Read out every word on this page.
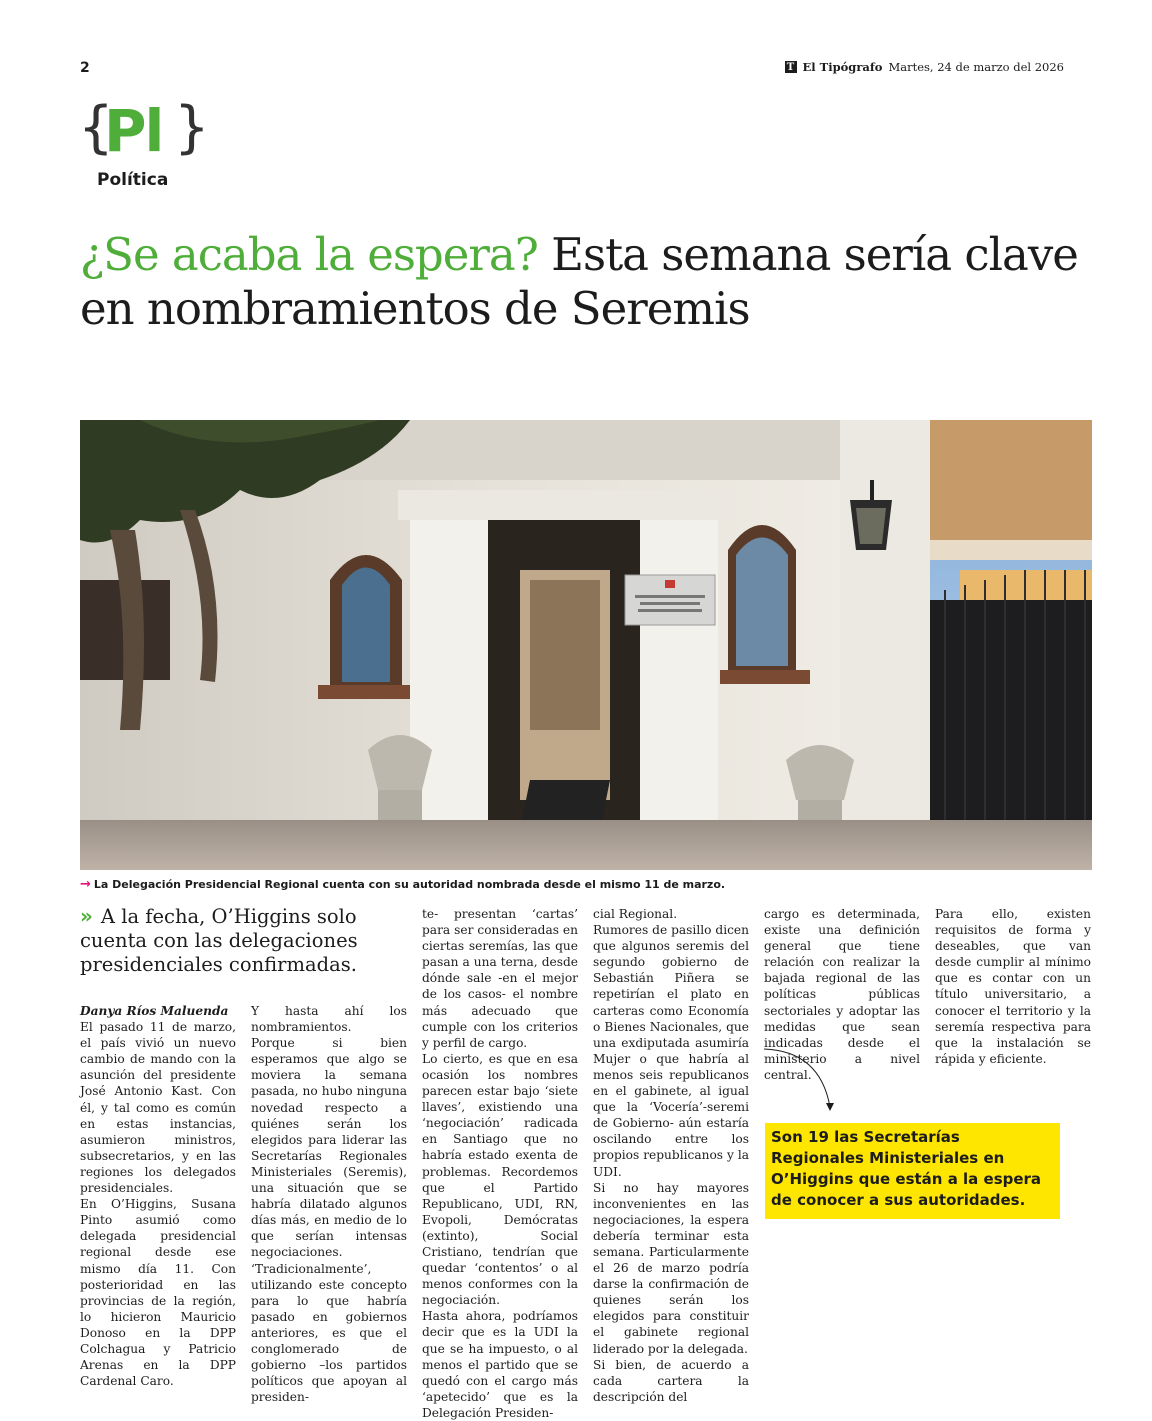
2	T El Tipógrafo Martes, 24 de marzo del 2026
{
Pl }
Política
¿Se acaba la espera? Esta semana sería clave en nombramientos de Seremis
→ La Delegación Presidencial Regional cuenta con su autoridad nombrada desde el mismo 11 de marzo.
» A la fecha, O’Higgins solo cuenta con las delegaciones presidenciales confirmadas.

Danya Ríos Maluenda

El pasado 11 de marzo, el país vivió un nuevo cambio de mando con la asunción del presidente José Antonio Kast. Con él, y tal como es común en estas instancias, asumieron ministros, subsecretarios, y en las regiones los delegados presidenciales.

En O’Higgins, Susana Pinto asumió como delegada presidencial regional desde ese mismo día 11. Con posterioridad en las provincias de la región, lo hicieron Mauricio Donoso en la DPP Colchagua y Patricio Arenas en la DPP Cardenal Caro.

Y hasta ahí los nombramientos.

Porque si bien esperamos que algo se moviera la semana pasada, no hubo ninguna novedad respecto a quiénes serán los elegidos para liderar las Secretarías Regionales Ministeriales (Seremis), una situación que se habría dilatado algunos días más, en medio de lo que serían intensas negociaciones.

‘Tradicionalmente’, utilizando este concepto para lo que habría pasado en gobiernos anteriores, es que el conglomerado de gobierno –los partidos políticos que apoyan al presiden-

te- presentan ‘cartas’ para ser consideradas en ciertas seremías, las que pasan a una terna, desde dónde sale -en el mejor de los casos- el nombre más adecuado que cumple con los criterios y perfil de cargo.

Lo cierto, es que en esa ocasión los nombres parecen estar bajo ‘siete llaves’, existiendo una ‘negociación’ radicada en Santiago que no habría estado exenta de problemas. Recordemos que el Partido Republicano, UDI, RN, Evopoli, Demócratas (extinto), Social Cristiano, tendrían que quedar ‘contentos’ o al menos conformes con la negociación.

Hasta ahora, podríamos decir que es la UDI la que se ha impuesto, o al menos el partido que se quedó con el cargo más ‘apetecido’ que es la Delegación Presiden-

cial Regional.

Rumores de pasillo dicen que algunos seremis del segundo gobierno de Sebastián Piñera se repetirían el plato en carteras como Economía o Bienes Nacionales, que una exdiputada asumiría Mujer o que habría al menos seis republicanos en el gabinete, al igual que la ‘Vocería’-seremi de Gobierno- aún estaría oscilando entre los propios republicanos y la UDI.

Si no hay mayores inconvenientes en las negociaciones, la espera debería terminar esta semana. Particularmente el 26 de marzo podría darse la confirmación de quienes serán los elegidos para constituir el gabinete regional liderado por la delegada.

Si bien, de acuerdo a cada cartera la descripción del

cargo es determinada, existe una definición general que tiene relación con realizar la bajada regional de las políticas públicas sectoriales y adoptar las medidas que sean indicadas desde el ministerio a nivel central.

Para ello, existen requisitos de forma y deseables, que van desde cumplir al mínimo que es contar con un título universitario, a conocer el territorio y la seremía respectiva para que la instalación se rápida y eficiente.

Son 19 las Secretarías Regionales Ministeriales en O’Higgins que están a la espera de conocer a sus autoridades.
